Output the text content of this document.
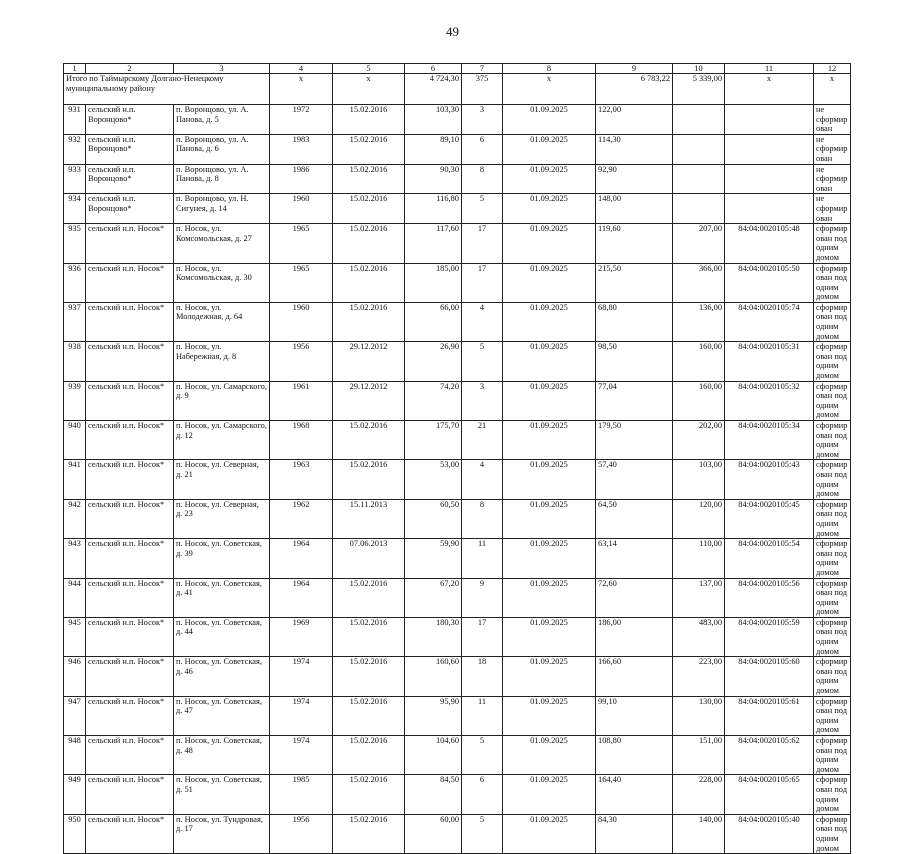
49
1	2	3	4	5	6	7	8	9	10	11	12
Итого по Таймырскому Долгано-Ненецкому муниципальному району			x	x	4 724,30	375	x	6 783,22	5 339,00	x	x
931	сельский н.п. Воронцово*	п. Воронцово, ул. А. Панова, д. 5	1972	15.02.2016	103,30	3	01.09.2025	122,00			не сформирован
932	сельский н.п. Воронцово*	п. Воронцово, ул. А. Панова, д. 6	1983	15.02.2016	89,10	6	01.09.2025	114,30			не сформирован
933	сельский н.п. Воронцово*	п. Воронцово, ул. А. Панова, д. 8	1986	15.02.2016	90,30	8	01.09.2025	92,90			не сформирован
934	сельский н.п. Воронцово*	п. Воронцово, ул. Н. Сигунея, д. 14	1960	15.02.2016	116,80	5	01.09.2025	148,00			не сформирован
935	сельский н.п. Носок*	п. Носок, ул. Комсомольская, д. 27	1965	15.02.2016	117,60	17	01.09.2025	119,60	207,00	84:04:0020105:48	сформирован под одним домом
936	сельский н.п. Носок*	п. Носок, ул. Комсомольская, д. 30	1965	15.02.2016	185,00	17	01.09.2025	215,50	366,00	84:04:0020105:50	сформирован под одним домом
937	сельский н.п. Носок*	п. Носок, ул. Молодежная, д. 64	1960	15.02.2016	66,00	4	01.09.2025	68,80	136,00	84:04:0020105:74	сформирован под одним домом
938	сельский н.п. Носок*	п. Носок, ул. Набережная, д. 8	1956	29.12.2012	26,90	5	01.09.2025	98,50	160,00	84:04:0020105:31	сформирован под одним домом
939	сельский н.п. Носок*	п. Носок, ул. Самарского, д. 9	1961	29.12.2012	74,20	3	01.09.2025	77,04	160,00	84:04:0020105:32	сформирован под одним домом
940	сельский н.п. Носок*	п. Носок, ул. Самарского, д. 12	1968	15.02.2016	175,70	21	01.09.2025	179,50	202,00	84:04:0020105:34	сформирован под одним домом
941	сельский н.п. Носок*	п. Носок, ул. Северная, д. 21	1963	15.02.2016	53,00	4	01.09.2025	57,40	103,00	84:04:0020105:43	сформирован под одним домом
942	сельский н.п. Носок*	п. Носок, ул. Северная, д. 23	1962	15.11.2013	60,50	8	01.09.2025	64,50	120,00	84:04:0020105:45	сформирован под одним домом
943	сельский н.п. Носок*	п. Носок, ул. Советская, д. 39	1964	07.06.2013	59,90	11	01.09.2025	63,14	110,00	84:04:0020105:54	сформирован под одним домом
944	сельский н.п. Носок*	п. Носок, ул. Советская, д. 41	1964	15.02.2016	67,20	9	01.09.2025	72,60	137,00	84:04:0020105:56	сформирован под одним домом
945	сельский н.п. Носок*	п. Носок, ул. Советская, д. 44	1969	15.02.2016	180,30	17	01.09.2025	186,00	483,00	84:04:0020105:59	сформирован под одним домом
946	сельский н.п. Носок*	п. Носок, ул. Советская, д. 46	1974	15.02.2016	160,60	18	01.09.2025	166,60	223,00	84:04:0020105:60	сформирован под одним домом
947	сельский н.п. Носок*	п. Носок, ул. Советская, д. 47	1974	15.02.2016	95,90	11	01.09.2025	99,10	130,00	84:04:0020105:61	сформирован под одним домом
948	сельский н.п. Носок*	п. Носок, ул. Советская, д. 48	1974	15.02.2016	104,60	5	01.09.2025	108,80	151,00	84:04:0020105:62	сформирован под одним домом
949	сельский н.п. Носок*	п. Носок, ул. Советская, д. 51	1985	15.02.2016	84,50	6	01.09.2025	164,40	228,00	84:04:0020105:65	сформирован под одним домом
950	сельский н.п. Носок*	п. Носок, ул. Тундровая, д. 17	1956	15.02.2016	60,00	5	01.09.2025	84,30	140,00	84:04:0020105:40	сформирован под одним домом
